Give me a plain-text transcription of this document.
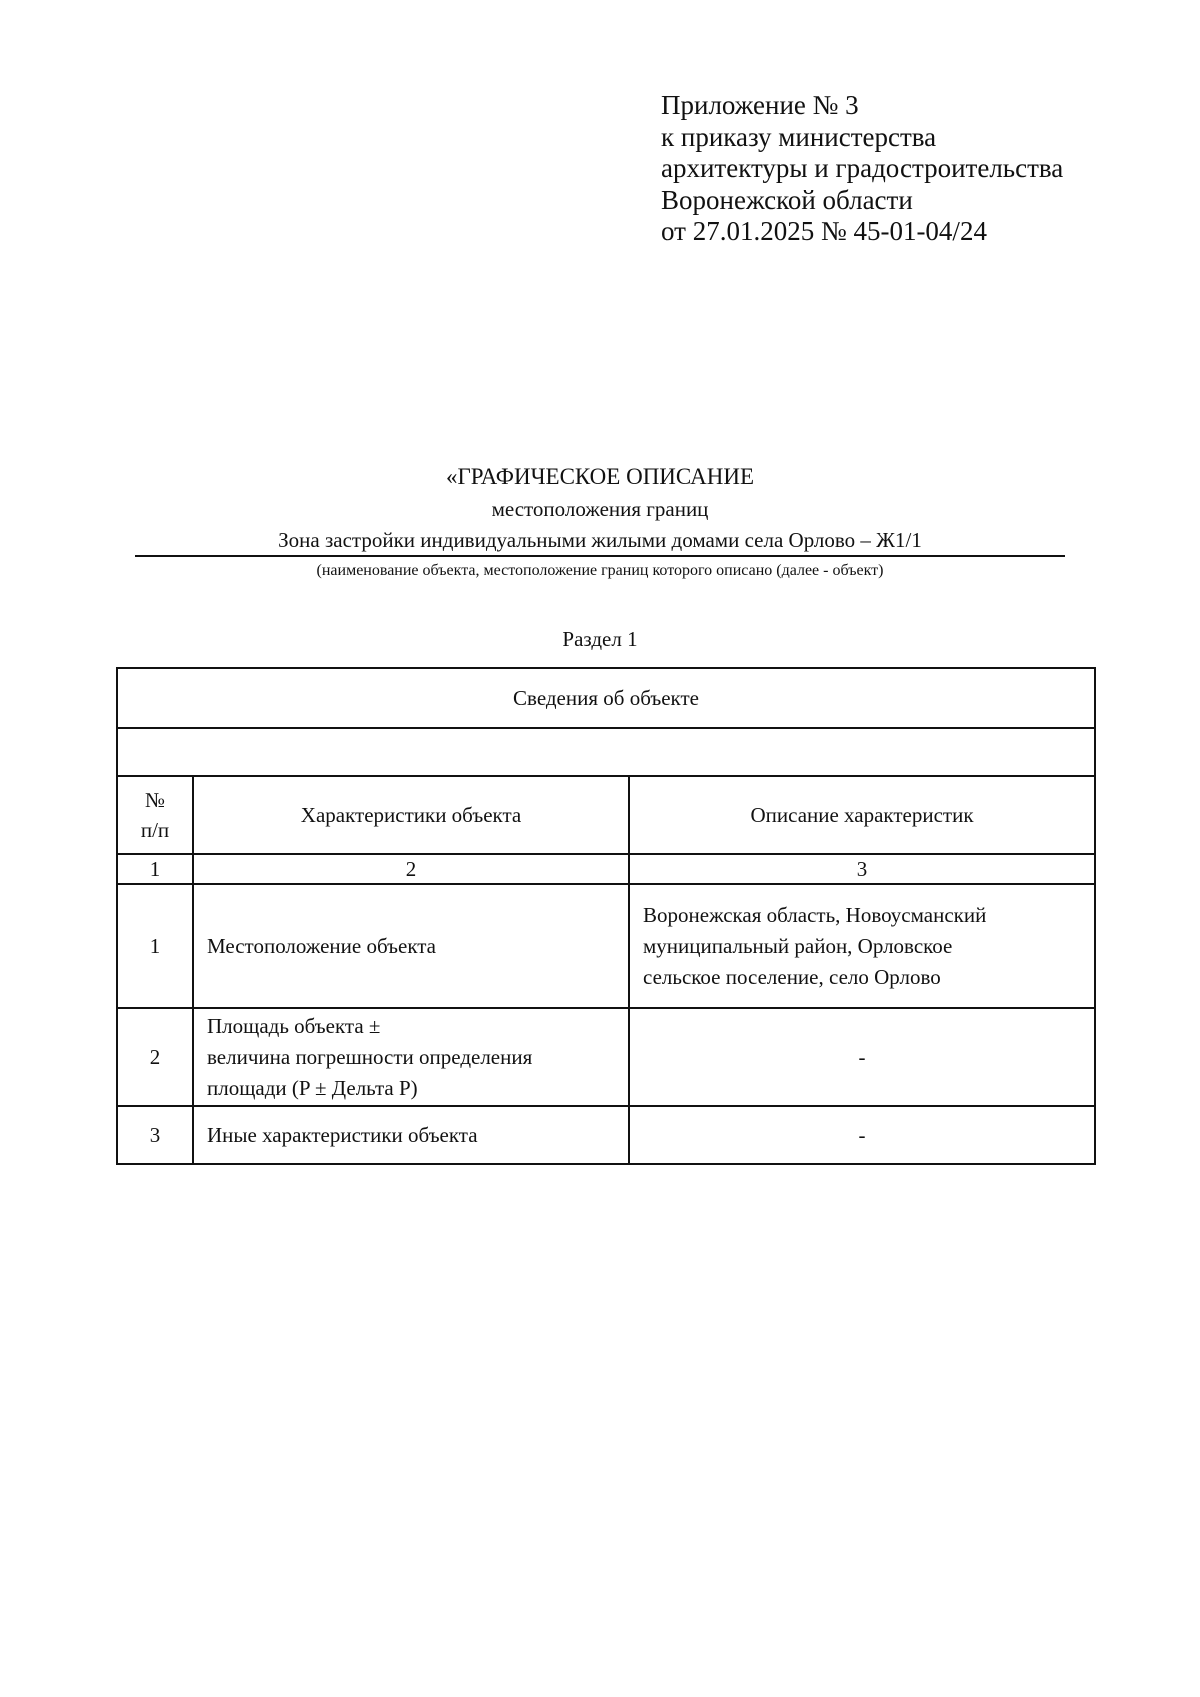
Приложение № 3
к приказу министерства
архитектуры и градостроительства
Воронежской области
от 27.01.2025 № 45-01-04/24
«ГРАФИЧЕСКОЕ ОПИСАНИЕ
местоположения границ
Зона застройки индивидуальными жилыми домами села Орлово – Ж1/1
(наименование объекта, местоположение границ которого описано (далее - объект)
Раздел 1
Сведения об объекте		

№
п/п	Характеристики объекта	Описание характеристик
1	2	3
1	Местоположение объекта	Воронежская область, Новоусманский
муниципальный район, Орловское
сельское поселение, село Орлово

2	Площадь объекта ±
величина погрешности определения
площади (P ± Дельта P)	-

3	Иные характеристики объекта	-
